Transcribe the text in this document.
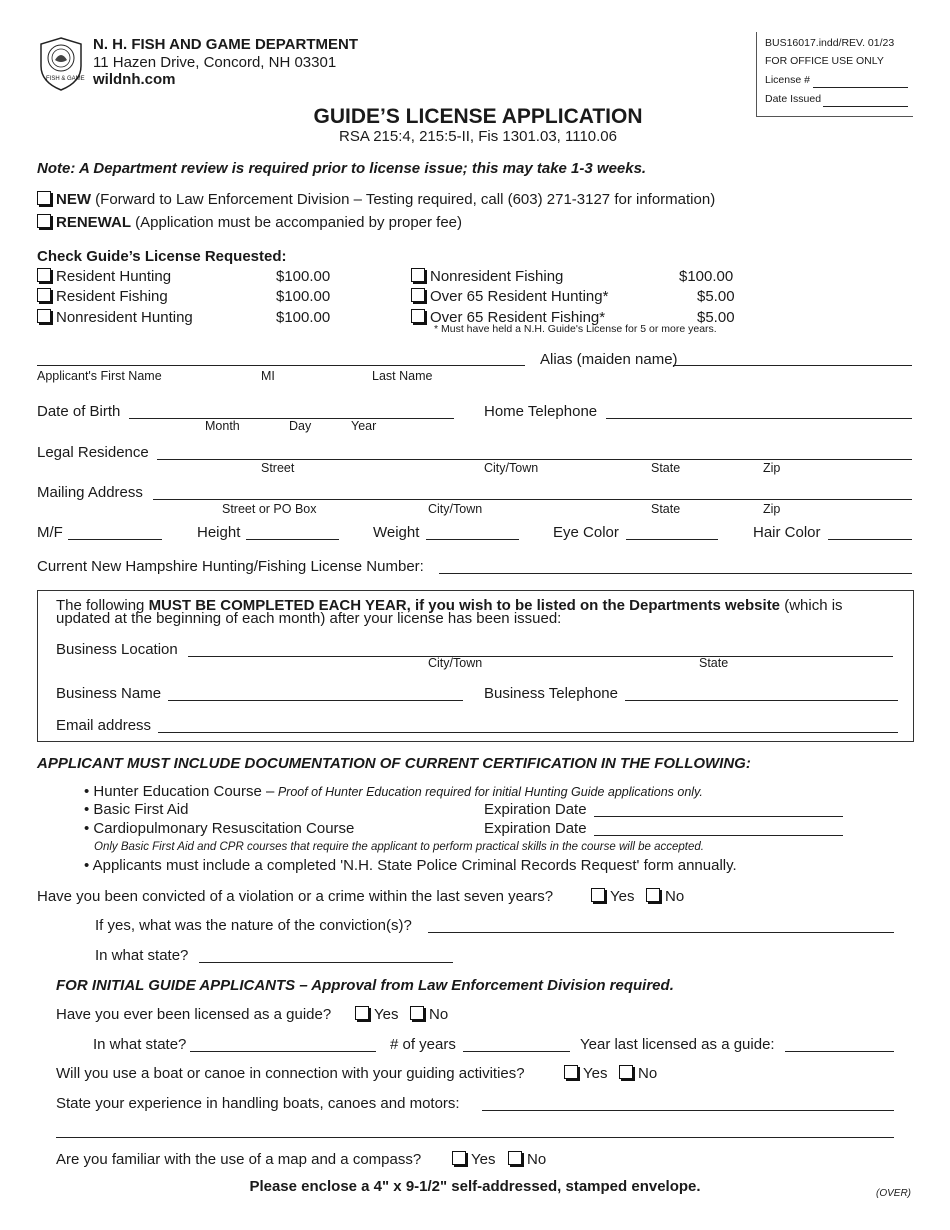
FISH & GAME
N. H. FISH AND GAME DEPARTMENT
11 Hazen Drive, Concord, NH 03301
wildnh.com
BUS16017.indd/REV. 01/23
FOR OFFICE USE ONLY
License #
Date Issued
GUIDE’S LICENSE APPLICATION
RSA 215:4, 215:5-II, Fis 1301.03, 1110.06
Note: A Department review is required prior to license issue; this may take 1-3 weeks.
NEW (Forward to Law Enforcement Division – Testing required, call (603) 271-3127 for information)
RENEWAL (Application must be accompanied by proper fee)
Check Guide’s License Requested:
Resident Hunting	$100.00
Resident Fishing	$100.00
Nonresident Hunting	$100.00
Nonresident Fishing	$100.00
Over 65 Resident Hunting*	$5.00
Over 65 Resident Fishing*	$5.00
* Must have held a N.H. Guide's License for 5 or more years.
Alias (maiden name)
Applicant's First Name	MI	Last Name
Date of Birth
Month	Day	Year
Home Telephone
Legal Residence
Street	City/Town	State	Zip
Mailing Address
Street or PO Box	City/Town	State	Zip
M/F	Height	Weight	Eye Color	Hair Color
Current New Hampshire Hunting/Fishing License Number:
The following MUST BE COMPLETED EACH YEAR, if you wish to be listed on the Departments website (which is
updated at the beginning of each month) after your license has been issued:
Business Location
City/Town	State
Business Name	Business Telephone
Email address
APPLICANT MUST INCLUDE DOCUMENTATION OF CURRENT CERTIFICATION IN THE FOLLOWING:
• Hunter Education Course – Proof of Hunter Education required for initial Hunting Guide applications only.
• Basic First Aid	Expiration Date
• Cardiopulmonary Resuscitation Course	Expiration Date
Only Basic First Aid and CPR courses that require the applicant to perform practical skills in the course will be accepted.
• Applicants must include a completed 'N.H. State Police Criminal Records Request' form annually.
Have you been convicted of a violation or a crime within the last seven years?	Yes	No
If yes, what was the nature of the conviction(s)?
In what state?
FOR INITIAL GUIDE APPLICANTS – Approval from Law Enforcement Division required.
Have you ever been licensed as a guide?	Yes	No
In what state?	# of years	Year last licensed as a guide:
Will you use a boat or canoe in connection with your guiding activities?	Yes	No
State your experience in handling boats, canoes and motors:
Are you familiar with the use of a map and a compass?	Yes	No
Please enclose a 4" x 9-1/2" self-addressed, stamped envelope.	(OVER)
